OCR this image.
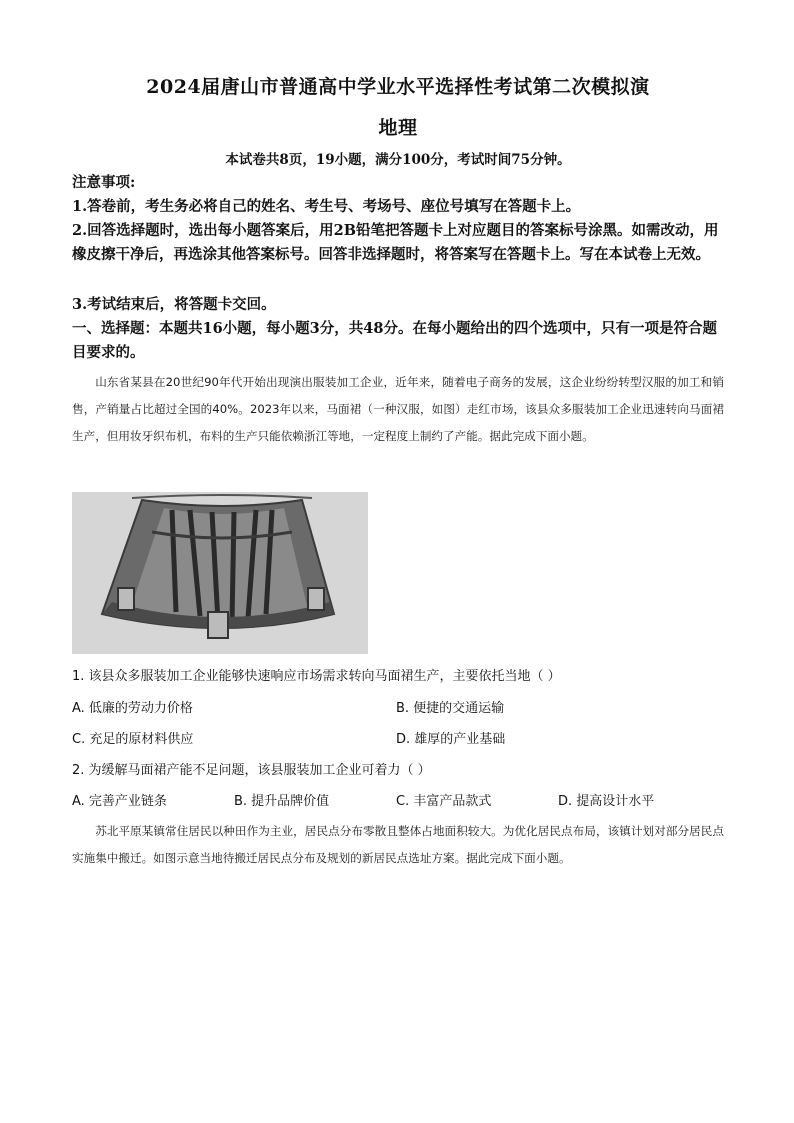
2024届唐山市普通高中学业水平选择性考试第二次模拟演
地理
本试卷共8页，19小题，满分100分，考试时间75分钟。
注意事项:
1.答卷前，考生务必将自己的姓名、考生号、考场号、座位号填写在答题卡上。
2.回答选择题时，选出每小题答案后，用2B铅笔把答题卡上对应题目的答案标号涂黑。如需改动，用橡皮擦干净后，再选涂其他答案标号。回答非选择题时，将答案写在答题卡上。写在本试卷上无效。
3.考试结束后，将答题卡交回。
一、选择题：本题共16小题，每小题3分，共48分。在每小题给出的四个选项中，只有一项是符合题目要求的。
山东省某县在20世纪90年代开始出现演出服装加工企业，近年来，随着电子商务的发展，这企业纷纷转型汉服的加工和销售，产销量占比超过全国的40%。2023年以来，马面裙（一种汉服，如图）走红市场，该县众多服装加工企业迅速转向马面裙生产，但用妆牙织布机，布料的生产只能依赖浙江等地，一定程度上制约了产能。据此完成下面小题。
1. 该县众多服装加工企业能够快速响应市场需求转向马面裙生产，主要依托当地（ ）
A. 低廉的劳动力价格	B. 便捷的交通运输
C. 充足的原材料供应	D. 雄厚的产业基础
2. 为缓解马面裙产能不足问题，该县服装加工企业可着力（ ）
A. 完善产业链条	B. 提升品牌价值	C. 丰富产品款式	D. 提高设计水平
苏北平原某镇常住居民以种田作为主业，居民点分布零散且整体占地面积较大。为优化居民点布局，该镇计划对部分居民点实施集中搬迁。如图示意当地待搬迁居民点分布及规划的新居民点选址方案。据此完成下面小题。
